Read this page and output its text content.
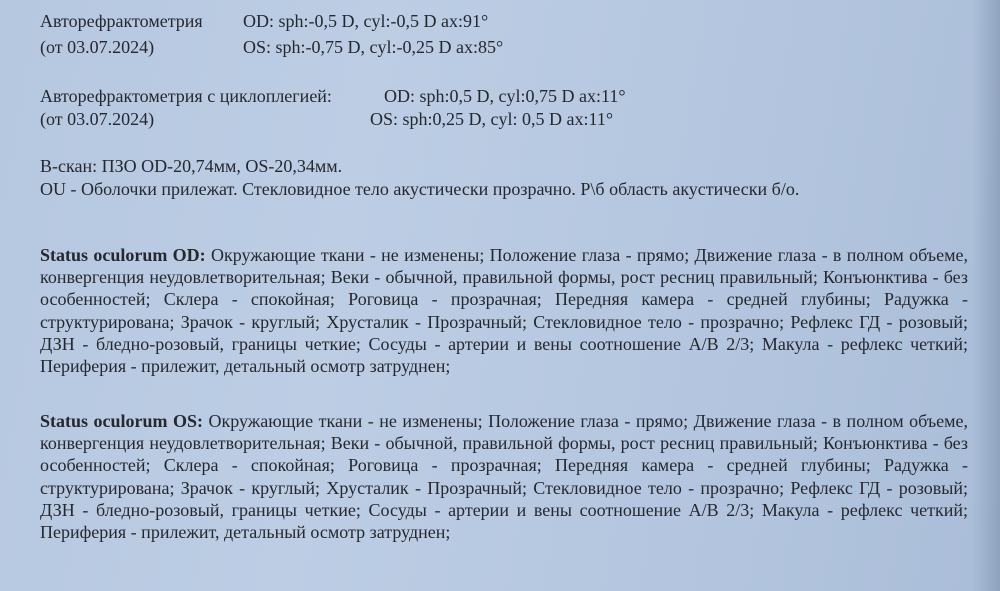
Авторефрактометрия OD: sph:-0,5 D, cyl:-0,5 D ax:91°
(от 03.07.2024)	OS: sph:-0,75 D, cyl:-0,25 D ax:85°
Авторефрактометрия с циклоплегией:	OD: sph:0,5 D, cyl:0,75 D ax:11°
(от 03.07.2024)	OS: sph:0,25 D, cyl: 0,5 D ax:11°
B-скан: ПЗО OD-20,74мм, OS-20,34мм.
OU - Оболочки прилежат. Стекловидное тело акустически прозрачно. Р\б область акустически б/о.
Status oculorum OD: Окружающие ткани - не изменены; Положение глаза - прямо; Движение глаза - в полном объеме, конвергенция неудовлетворительная; Веки - обычной, правильной формы, рост ресниц правильный; Конъюнктива - без особенностей; Склера - спокойная; Роговица - прозрачная; Передняя камера - средней глубины; Радужка - структурирована; Зрачок - круглый; Хрусталик - Прозрачный; Стекловидное тело - прозрачно; Рефлекс ГД - розовый; ДЗН - бледно-розовый, границы четкие; Сосуды - артерии и вены соотношение А/В 2/3; Макула - рефлекс четкий; Периферия - прилежит, детальный осмотр затруднен;
Status oculorum OS: Окружающие ткани - не изменены; Положение глаза - прямо; Движение глаза - в полном объеме, конвергенция неудовлетворительная; Веки - обычной, правильной формы, рост ресниц правильный; Конъюнктива - без особенностей; Склера - спокойная; Роговица - прозрачная; Передняя камера - средней глубины; Радужка - структурирована; Зрачок - круглый; Хрусталик - Прозрачный; Стекловидное тело - прозрачно; Рефлекс ГД - розовый; ДЗН - бледно-розовый, границы четкие; Сосуды - артерии и вены соотношение А/В 2/3; Макула - рефлекс четкий; Периферия - прилежит, детальный осмотр затруднен;
